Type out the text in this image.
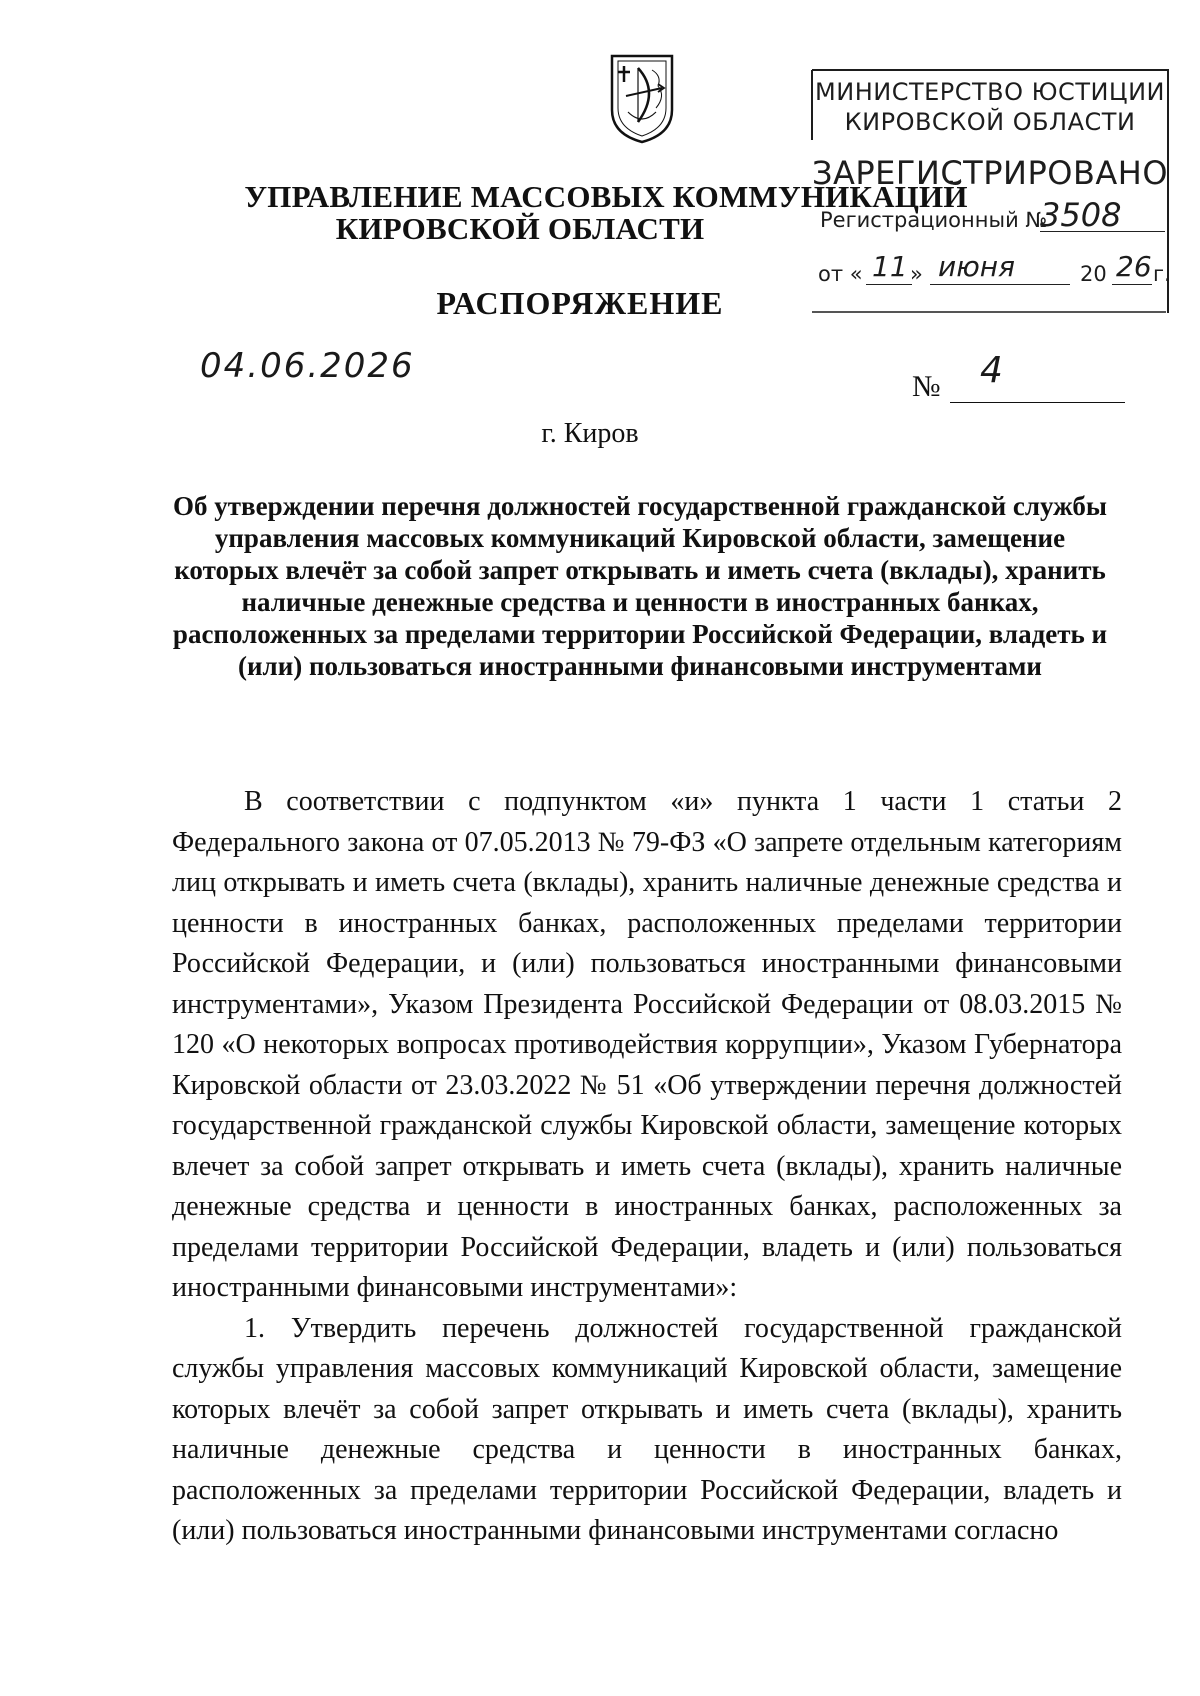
УПРАВЛЕНИЕ МАССОВЫХ КОММУНИКАЦИЙ
КИРОВСКОЙ ОБЛАСТИ
РАСПОРЯЖЕНИЕ
04.06.2026
№ 4
г. Киров
МИНИСТЕРСТВО ЮСТИЦИИ
КИРОВСКОЙ ОБЛАСТИ
ЗАРЕГИСТРИРОВАНО
Регистрационный №
3508
от « 11 » июня	20 26 г.
Об утверждении перечня должностей государственной гражданской службы управления массовых коммуникаций Кировской области, замещение которых влечёт за собой запрет открывать и иметь счета (вклады), хранить наличные денежные средства и ценности в иностранных банках, расположенных за пределами территории Российской Федерации, владеть и (или) пользоваться иностранными финансовыми инструментами

В соответствии с подпунктом «и» пункта 1 части 1 статьи 2 Федерального закона от 07.05.2013 № 79-ФЗ «О запрете отдельным категориям лиц открывать и иметь счета (вклады), хранить наличные денежные средства и ценности в иностранных банках, расположенных пределами территории Российской Федерации, и (или) пользоваться иностранными финансовыми инструментами», Указом Президента Российской Федерации от 08.03.2015 № 120 «О некоторых вопросах противодействия коррупции», Указом Губернатора Кировской области от 23.03.2022 № 51 «Об утверждении перечня должностей государственной гражданской службы Кировской области, замещение которых влечет за собой запрет открывать и иметь счета (вклады), хранить наличные денежные средства и ценности в иностранных банках, расположенных за пределами территории Российской Федерации, владеть и (или) пользоваться иностранными финансовыми инструментами»:

1. Утвердить перечень должностей государственной гражданской службы управления массовых коммуникаций Кировской области, замещение которых влечёт за собой запрет открывать и иметь счета (вклады), хранить наличные денежные средства и ценности в иностранных банках, расположенных за пределами территории Российской Федерации, владеть и (или) пользоваться иностранными финансовыми инструментами согласно
